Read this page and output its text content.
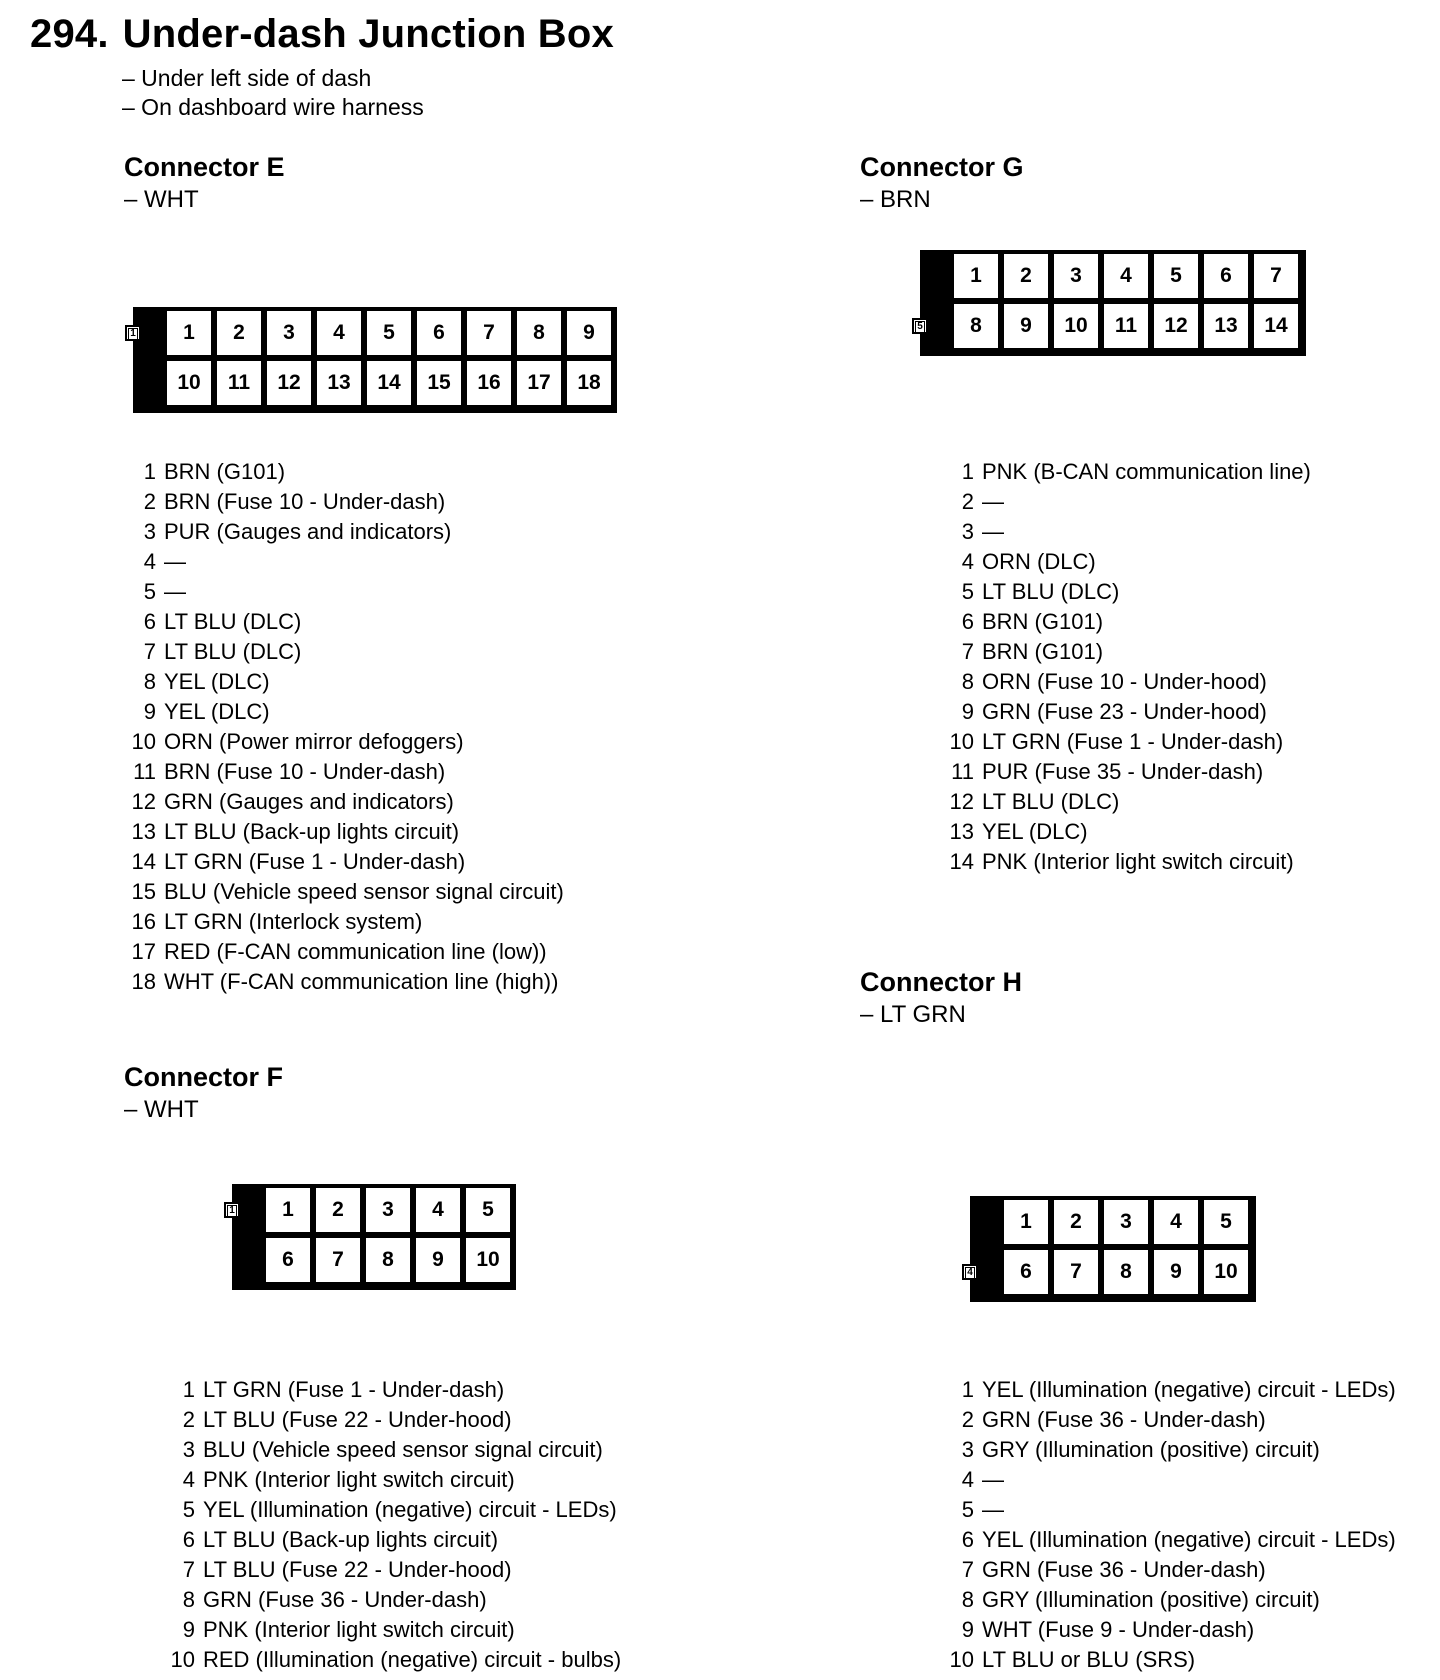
294. Under-dash Junction Box
– Under left side of dash
– On dashboard wire harness
Connector E
– WHT
1	2	3	4	5	6	7	8	9
10	11	12	13	14	15	16	17	18
1
1 BRN (G101)
2 BRN (Fuse 10 - Under-dash)
3 PUR (Gauges and indicators)
4 —
5 —
6 LT BLU (DLC)
7 LT BLU (DLC)
8 YEL (DLC)
9 YEL (DLC)
10 ORN (Power mirror defoggers)
11 BRN (Fuse 10 - Under-dash)
12 GRN (Gauges and indicators)
13 LT BLU (Back-up lights circuit)
14 LT GRN (Fuse 1 - Under-dash)
15 BLU (Vehicle speed sensor signal circuit)
16 LT GRN (Interlock system)
17 RED (F-CAN communication line (low))
18 WHT (F-CAN communication line (high))
Connector G
– BRN
1	2	3	4	5	6	7
8	9	10	11	12	13	14
5
1 PNK (B-CAN communication line)
2 —
3 —
4 ORN (DLC)
5 LT BLU (DLC)
6 BRN (G101)
7 BRN (G101)
8 ORN (Fuse 10 - Under-hood)
9 GRN (Fuse 23 - Under-hood)
10 LT GRN (Fuse 1 - Under-dash)
11 PUR (Fuse 35 - Under-dash)
12 LT BLU (DLC)
13 YEL (DLC)
14 PNK (Interior light switch circuit)
Connector F
– WHT
1	2	3	4	5
6	7	8	9	10
1
1 LT GRN (Fuse 1 - Under-dash)
2 LT BLU (Fuse 22 - Under-hood)
3 BLU (Vehicle speed sensor signal circuit)
4 PNK (Interior light switch circuit)
5 YEL (Illumination (negative) circuit - LEDs)
6 LT BLU (Back-up lights circuit)
7 LT BLU (Fuse 22 - Under-hood)
8 GRN (Fuse 36 - Under-dash)
9 PNK (Interior light switch circuit)
10 RED (Illumination (negative) circuit - bulbs)
Connector H
– LT GRN
1	2	3	4	5
6	7	8	9	10
4
1 YEL (Illumination (negative) circuit - LEDs)
2 GRN (Fuse 36 - Under-dash)
3 GRY (Illumination (positive) circuit)
4 —
5 —
6 YEL (Illumination (negative) circuit - LEDs)
7 GRN (Fuse 36 - Under-dash)
8 GRY (Illumination (positive) circuit)
9 WHT (Fuse 9 - Under-dash)
10 LT BLU or BLU (SRS)
